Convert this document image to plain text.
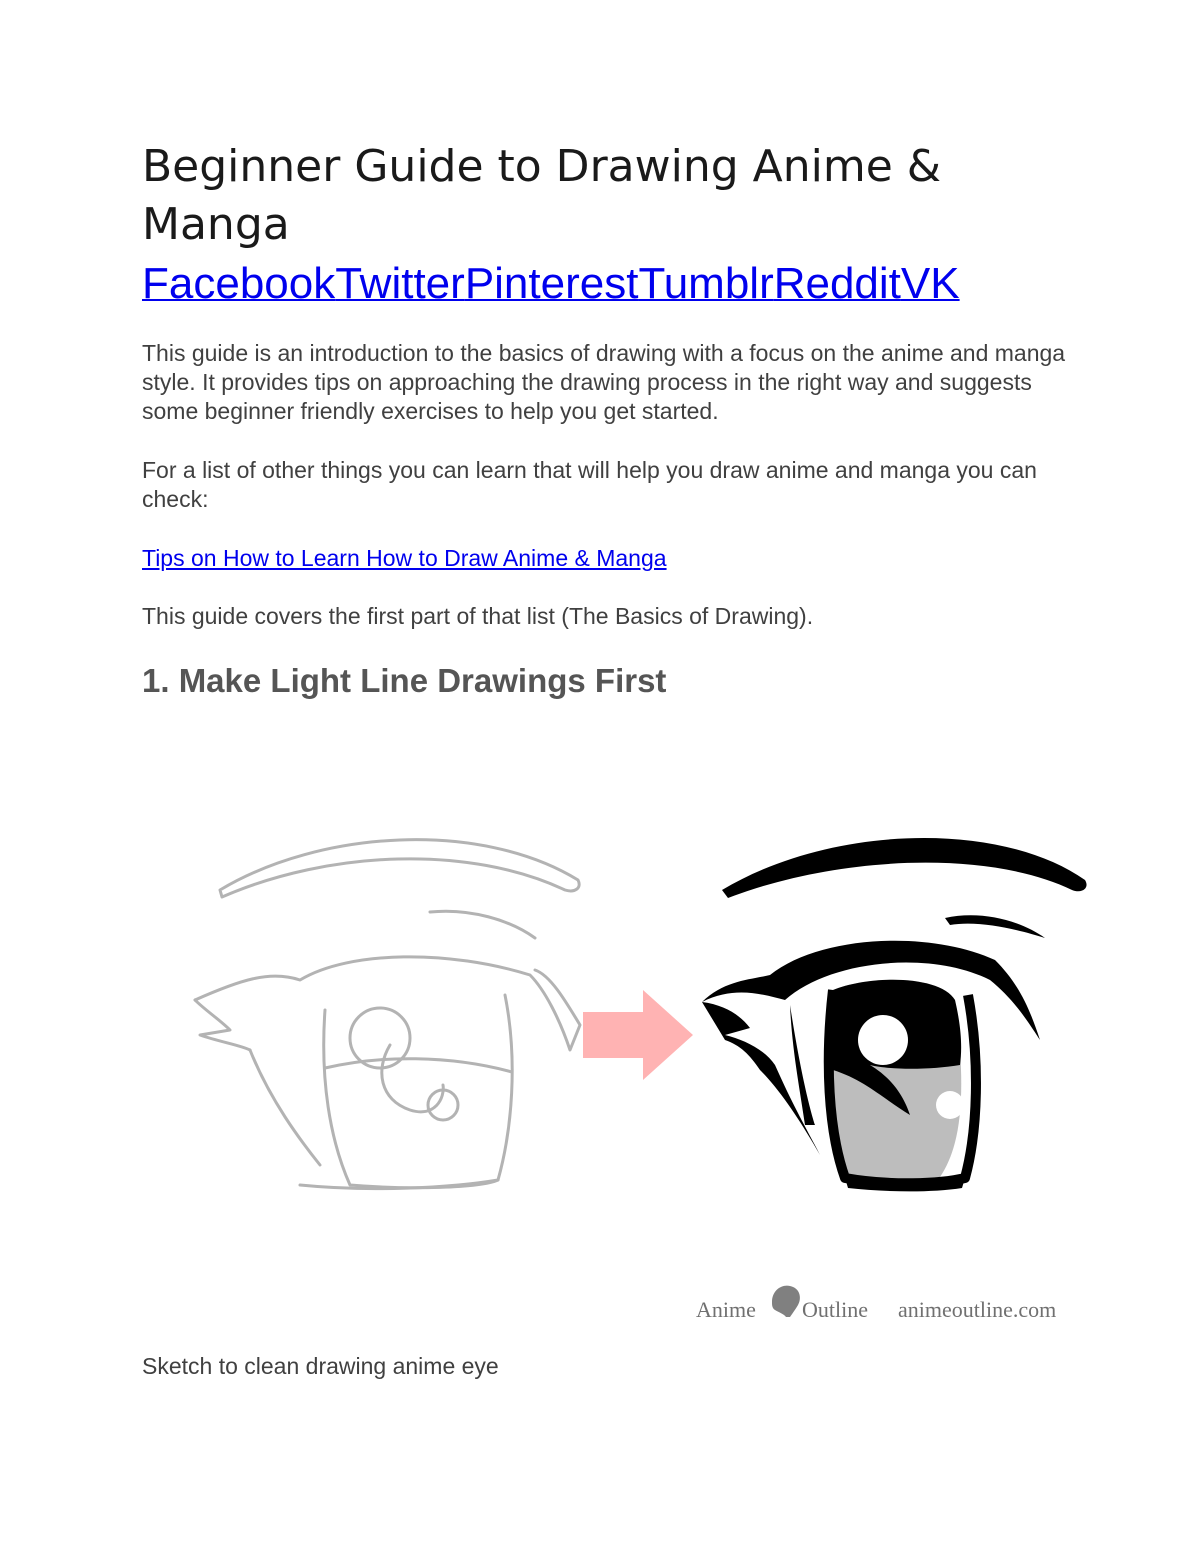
Beginner Guide to Drawing Anime & Manga
FacebookTwitterPinterestTumblrRedditVK

This guide is an introduction to the basics of drawing with a focus on the anime and manga style. It provides tips on approaching the drawing process in the right way and suggests some beginner friendly exercises to help you get started.

For a list of other things you can learn that will help you draw anime and manga you can check:

Tips on How to Learn How to Draw Anime & Manga

This guide covers the first part of that list (The Basics of Drawing).

1. Make Light Line Drawings First
Anime Outline animeoutline.com

Sketch to clean drawing anime eye
